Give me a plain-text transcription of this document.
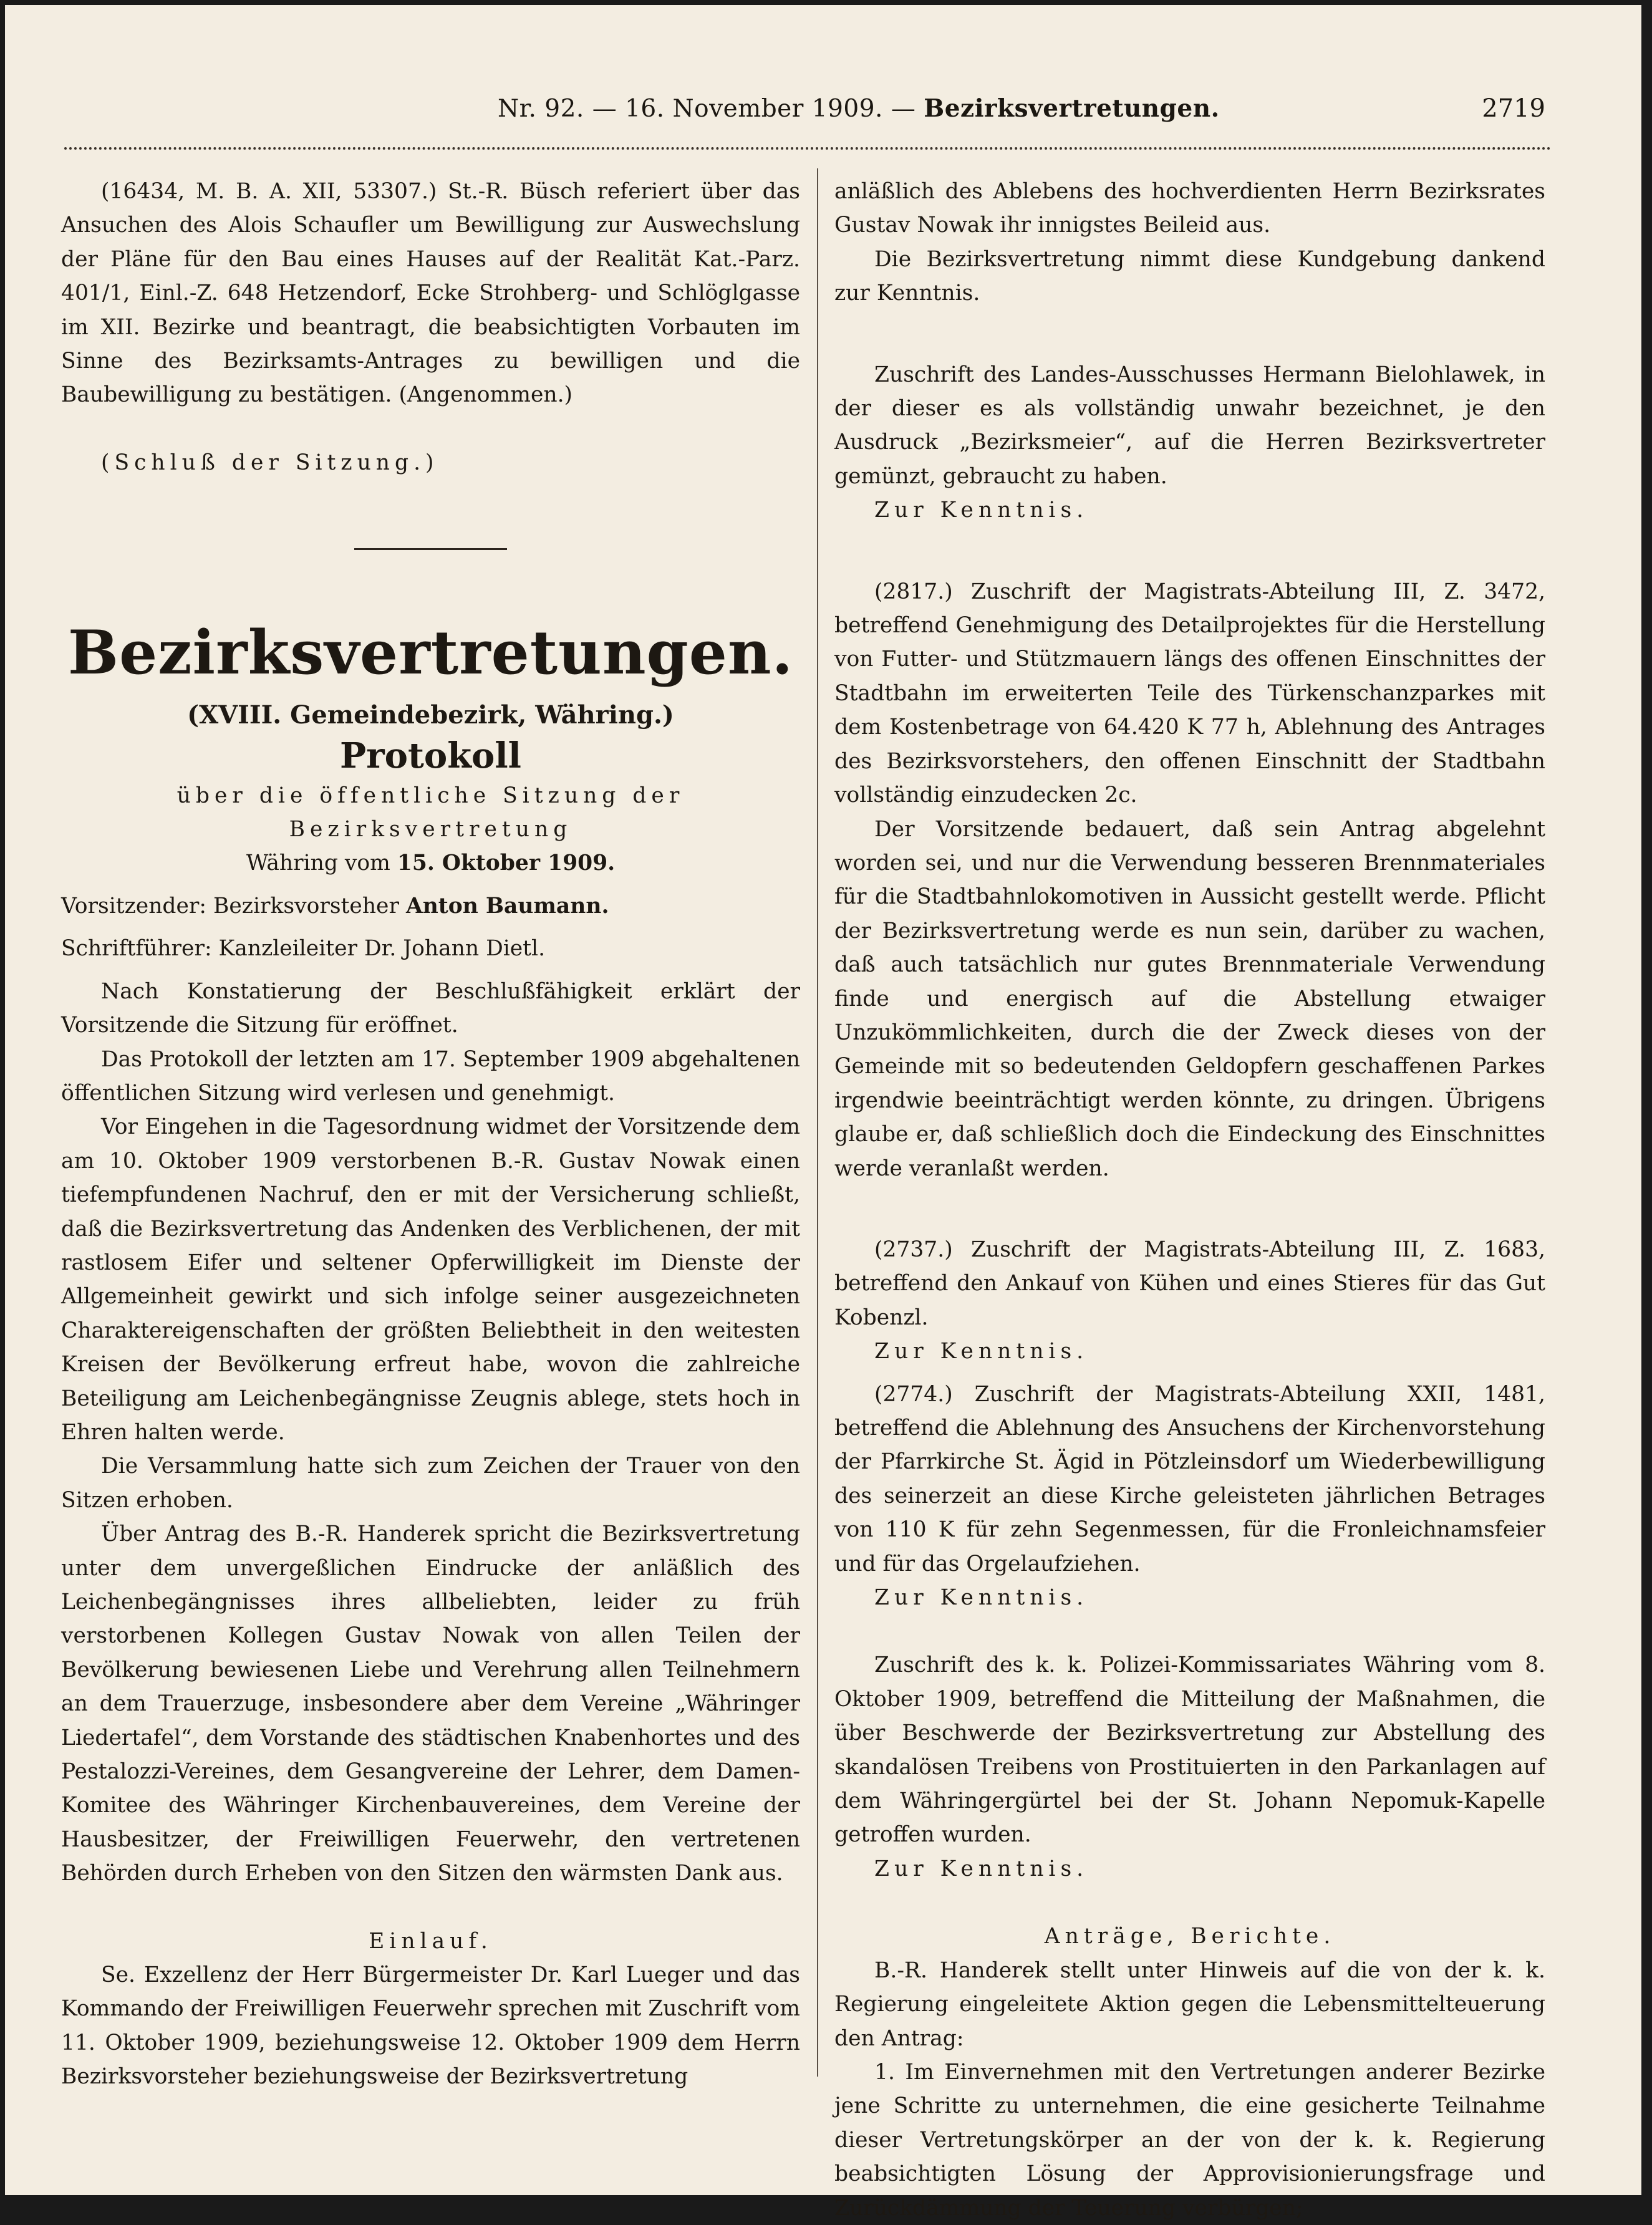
Nr. 92. — 16. November 1909. — Bezirksvertretungen.	2719

(16434, M. B. A. XII, 53307.) St.-R. Büsch referiert über das Ansuchen des Alois Schaufler um Bewilligung zur Auswechslung der Pläne für den Bau eines Hauses auf der Realität Kat.-Parz. 401/1, Einl.-Z. 648 Hetzendorf, Ecke Strohberg- und Schlöglgasse im XII. Bezirke und beantragt, die beabsichtigten Vorbauten im Sinne des Bezirksamts-Antrages zu bewilligen und die Baubewilligung zu bestätigen. (Angenommen.)

(Schluß der Sitzung.)

Bezirksvertretungen.

(XVIII. Gemeindebezirk, Währing.)

Protokoll

über die öffentliche Sitzung der Bezirksvertretung

Währing vom 15. Oktober 1909.

Vorsitzender: Bezirksvorsteher Anton Baumann.

Schriftführer: Kanzleileiter Dr. Johann Dietl.

Nach Konstatierung der Beschlußfähigkeit erklärt der Vorsitzende die Sitzung für eröffnet.

Das Protokoll der letzten am 17. September 1909 abgehaltenen öffentlichen Sitzung wird verlesen und genehmigt.

Vor Eingehen in die Tagesordnung widmet der Vorsitzende dem am 10. Oktober 1909 verstorbenen B.-R. Gustav Nowak einen tiefempfundenen Nachruf, den er mit der Versicherung schließt, daß die Bezirksvertretung das Andenken des Verblichenen, der mit rastlosem Eifer und seltener Opferwilligkeit im Dienste der Allgemeinheit gewirkt und sich infolge seiner ausgezeichneten Charaktereigenschaften der größten Beliebtheit in den weitesten Kreisen der Bevölkerung erfreut habe, wovon die zahlreiche Beteiligung am Leichenbegängnisse Zeugnis ablege, stets hoch in Ehren halten werde.

Die Versammlung hatte sich zum Zeichen der Trauer von den Sitzen erhoben.

Über Antrag des B.-R. Handerek spricht die Bezirksvertretung unter dem unvergeßlichen Eindrucke der anläßlich des Leichenbegängnisses ihres allbeliebten, leider zu früh verstorbenen Kollegen Gustav Nowak von allen Teilen der Bevölkerung bewiesenen Liebe und Verehrung allen Teilnehmern an dem Trauerzuge, insbesondere aber dem Vereine „Währinger Liedertafel“, dem Vorstande des städtischen Knabenhortes und des Pestalozzi-Vereines, dem Gesangvereine der Lehrer, dem Damen-Komitee des Währinger Kirchenbauvereines, dem Vereine der Hausbesitzer, der Freiwilligen Feuerwehr, den vertretenen Behörden durch Erheben von den Sitzen den wärmsten Dank aus.

Einlauf.

Se. Exzellenz der Herr Bürgermeister Dr. Karl Lueger und das Kommando der Freiwilligen Feuerwehr sprechen mit Zuschrift vom 11. Oktober 1909, beziehungsweise 12. Oktober 1909 dem Herrn Bezirksvorsteher beziehungsweise der Bezirksvertretung

anläßlich des Ablebens des hochverdienten Herrn Bezirksrates Gustav Nowak ihr innigstes Beileid aus.

Die Bezirksvertretung nimmt diese Kundgebung dankend zur Kenntnis.

Zuschrift des Landes-Ausschusses Hermann Bielohlawek, in der dieser es als vollständig unwahr bezeichnet, je den Ausdruck „Bezirksmeier“, auf die Herren Bezirksvertreter gemünzt, gebraucht zu haben.

Zur Kenntnis.

(2817.) Zuschrift der Magistrats-Abteilung III, Z. 3472, betreffend Genehmigung des Detailprojektes für die Herstellung von Futter- und Stützmauern längs des offenen Einschnittes der Stadtbahn im erweiterten Teile des Türkenschanzparkes mit dem Kostenbetrage von 64.420 K 77 h, Ablehnung des Antrages des Bezirksvorstehers, den offenen Einschnitt der Stadtbahn vollständig einzudecken 2c.

Der Vorsitzende bedauert, daß sein Antrag abgelehnt worden sei, und nur die Verwendung besseren Brennmateriales für die Stadtbahnlokomotiven in Aussicht gestellt werde. Pflicht der Bezirksvertretung werde es nun sein, darüber zu wachen, daß auch tatsächlich nur gutes Brennmateriale Verwendung finde und energisch auf die Abstellung etwaiger Unzukömmlichkeiten, durch die der Zweck dieses von der Gemeinde mit so bedeutenden Geldopfern geschaffenen Parkes irgendwie beeinträchtigt werden könnte, zu dringen. Übrigens glaube er, daß schließlich doch die Eindeckung des Einschnittes werde veranlaßt werden.

(2737.) Zuschrift der Magistrats-Abteilung III, Z. 1683, betreffend den Ankauf von Kühen und eines Stieres für das Gut Kobenzl.

Zur Kenntnis.

(2774.) Zuschrift der Magistrats-Abteilung XXII, 1481, betreffend die Ablehnung des Ansuchens der Kirchenvorstehung der Pfarrkirche St. Ägid in Pötzleinsdorf um Wiederbewilligung des seinerzeit an diese Kirche geleisteten jährlichen Betrages von 110 K für zehn Segenmessen, für die Fronleichnamsfeier und für das Orgelaufziehen.

Zur Kenntnis.

Zuschrift des k. k. Polizei-Kommissariates Währing vom 8. Oktober 1909, betreffend die Mitteilung der Maßnahmen, die über Beschwerde der Bezirksvertretung zur Abstellung des skandalösen Treibens von Prostituierten in den Parkanlagen auf dem Währingergürtel bei der St. Johann Nepomuk-Kapelle getroffen wurden.

Zur Kenntnis.

Anträge, Berichte.

B.-R. Handerek stellt unter Hinweis auf die von der k. k. Regierung eingeleitete Aktion gegen die Lebensmittelteuerung den Antrag:

1. Im Einvernehmen mit den Vertretungen anderer Bezirke jene Schritte zu unternehmen, die eine gesicherte Teilnahme dieser Vertretungskörper an der von der k. k. Regierung beabsichtigten Lösung der Approvisionierungsfrage und Zurückdämmung der Teuerung verbürgen;
